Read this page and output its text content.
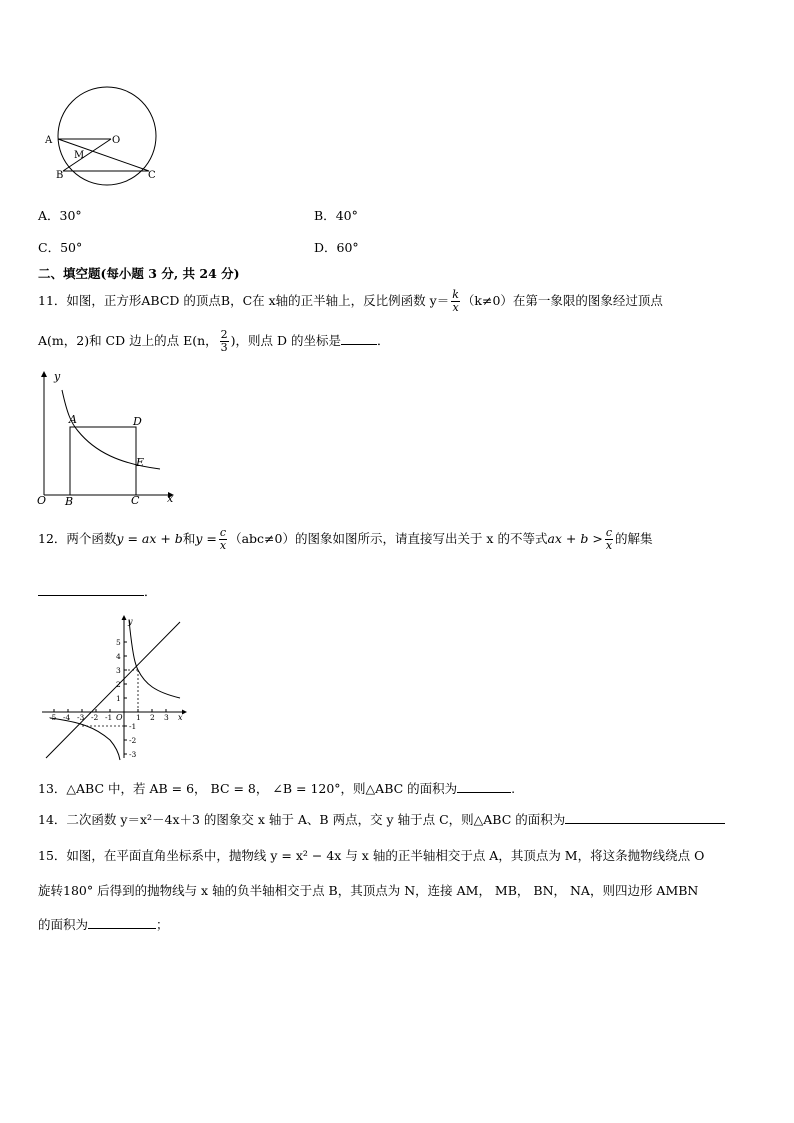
A	O
M
B	C
A．30°	B．40°
C．50°	D．60°
二、填空题(每小题 3 分, 共 24 分)
11．如图，正方形ABCD 的顶点B，C在 x轴的正半轴上，反比例函数 $y= \frac{k}{x} (k\ne 0)$在第一象限的图象经过顶点
A(m，2)和 CD 边上的点 E(n， $\frac{2}{3}$ )，则点 D 的坐标是	．
y
x
O
A
B	C
D
E
12．两个函数y = ax + b和$y = \frac{c}{x} (abc\ne 0)$的图象如图所示，请直接写出关于 x 的不等式ax + $b > \frac{c}{x}$ 的解集
．
y
x
O
5
4
3
2
1
-1
-2
-3
-5 -4 -3 -2 -1	1 2 3
13．△ABC 中，若 AB = 6， BC = 8， ∠B = 120°，则△ABC 的面积为	.
14．二次函数 y＝x²－4x＋3 的图象交 x 轴于 A、B 两点，交 y 轴于点 C，则△ABC 的面积为
15．如图，在平面直角坐标系中，抛物线 y = x² − 4x 与 x 轴的正半轴相交于点 A，其顶点为 M，将这条抛物线绕点 O
旋转180° 后得到的抛物线与 x 轴的负半轴相交于点 B，其顶点为 N，连接 AM， MB， BN， NA，则四边形 AMBN
的面积为	；
